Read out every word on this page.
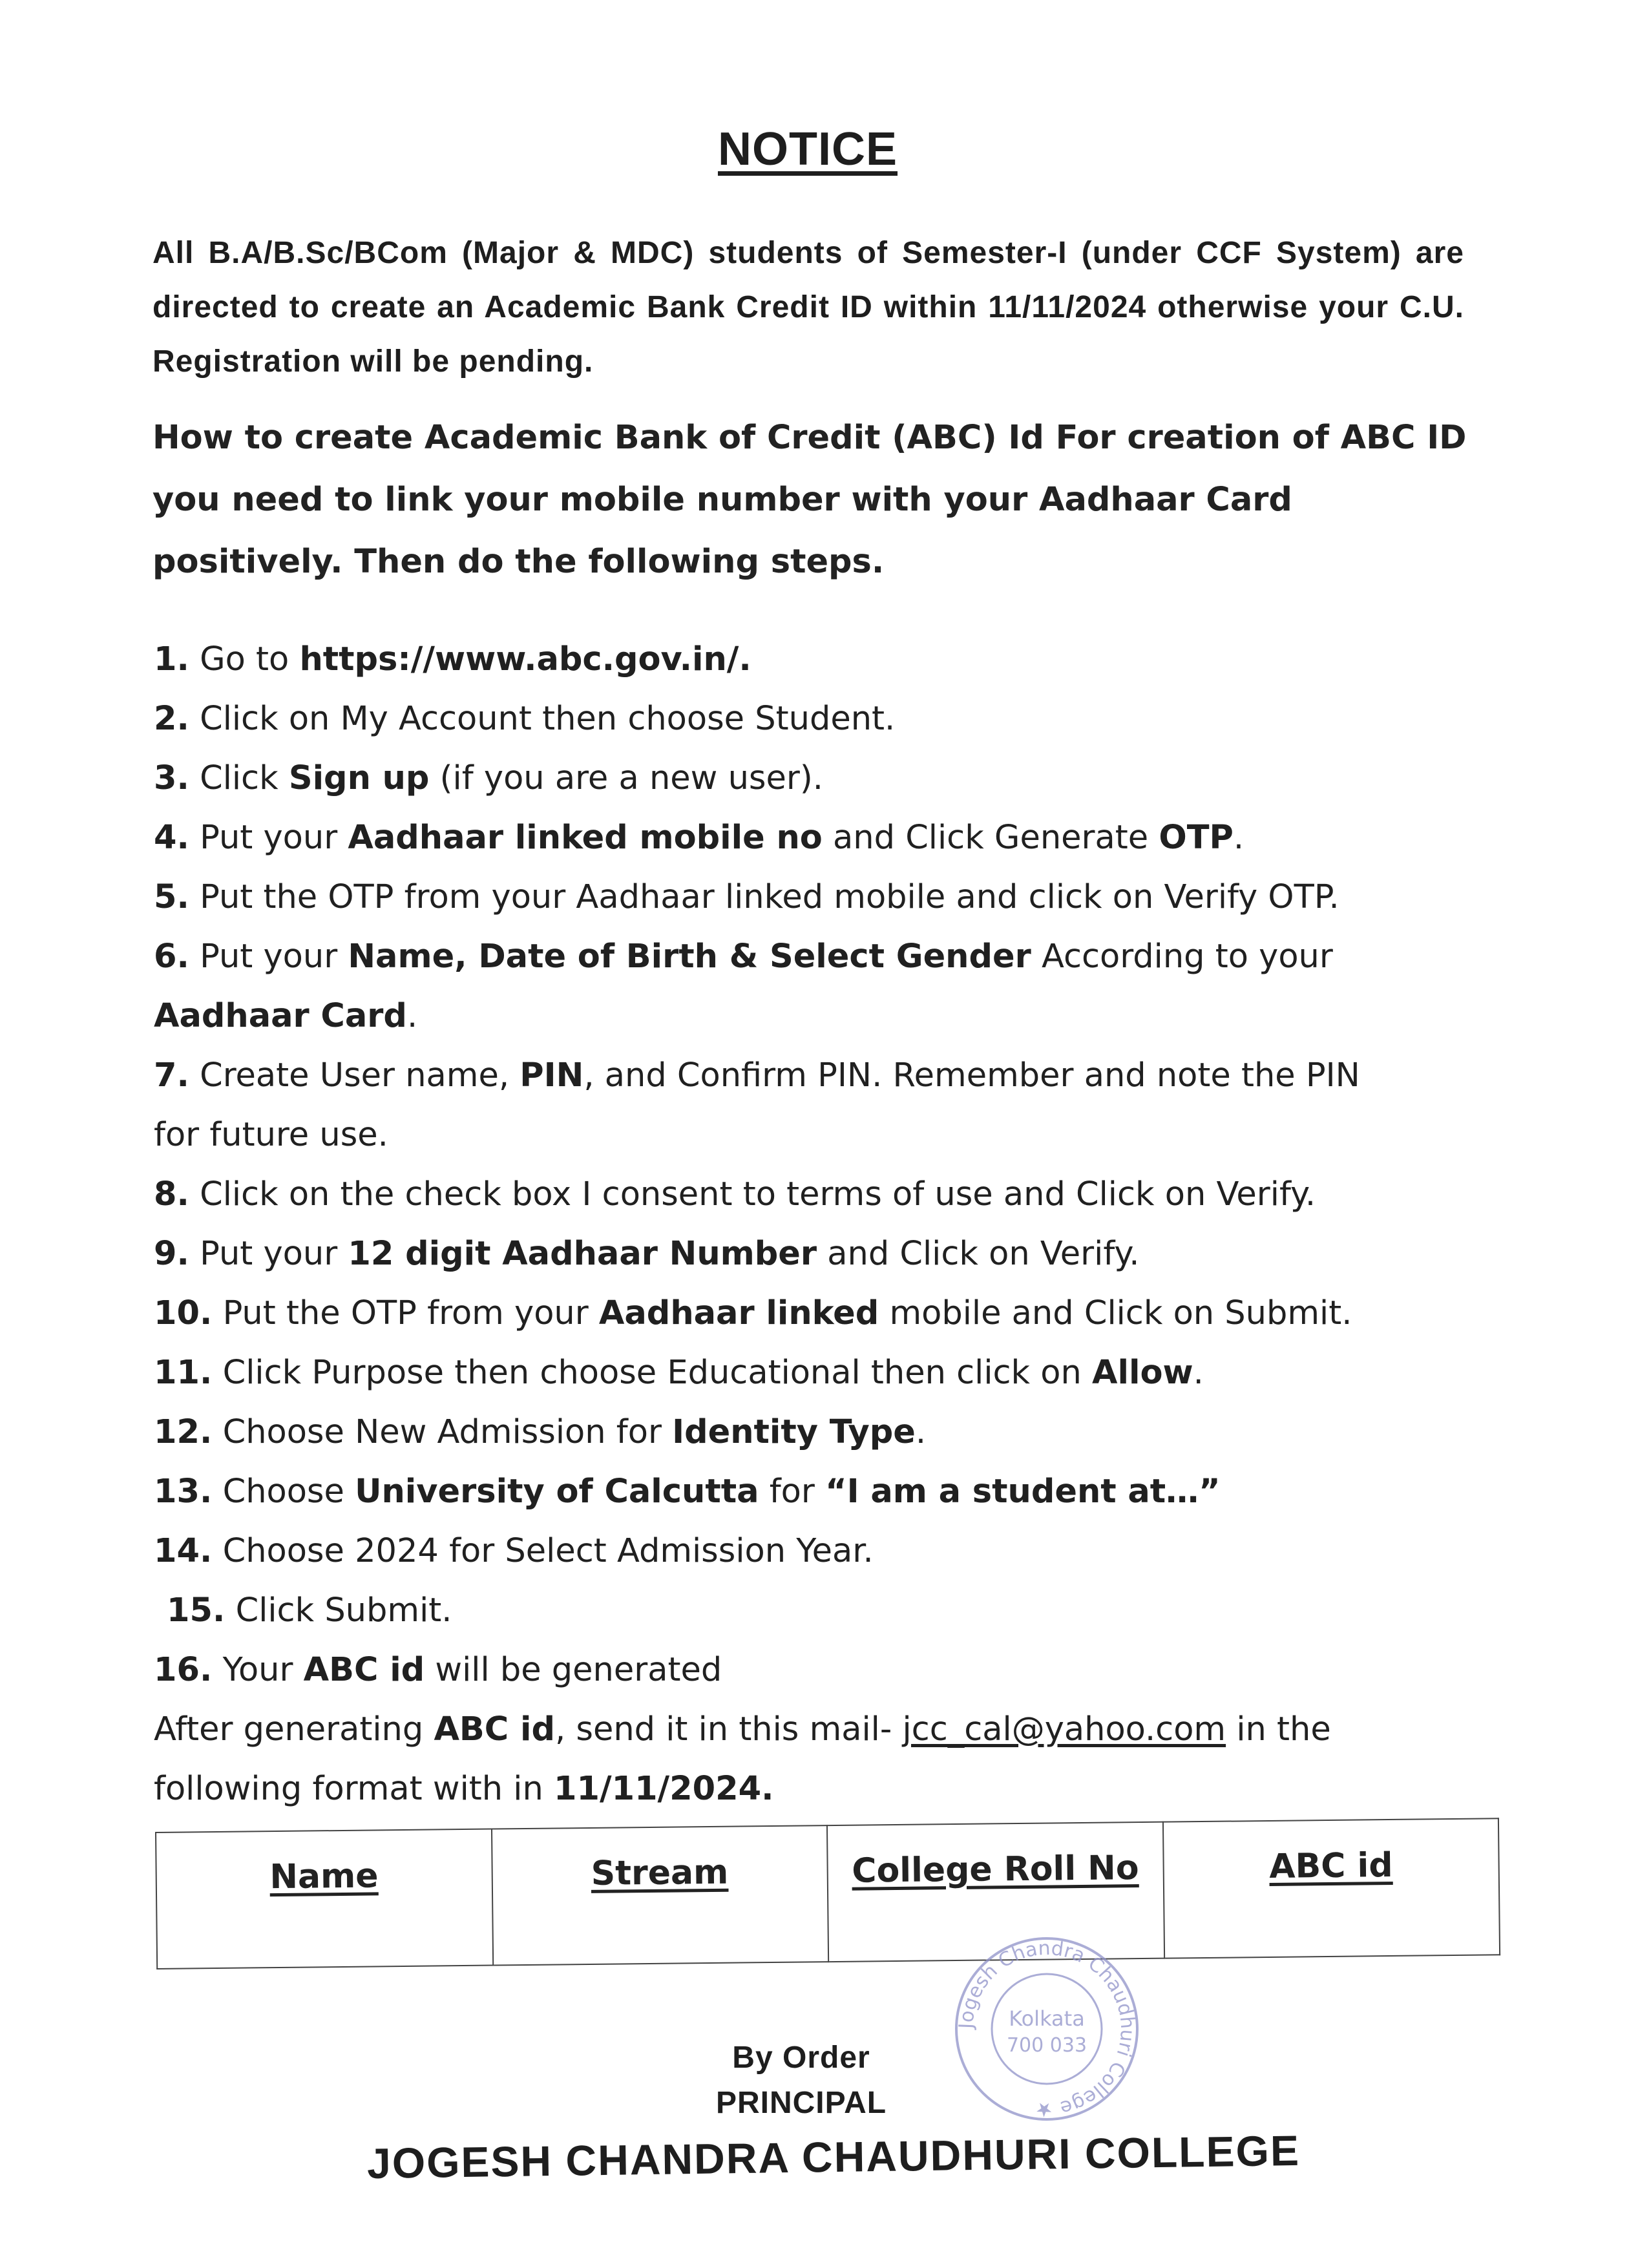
NOTICE
All B.A/B.Sc/BCom (Major & MDC) students of Semester-I (under CCF System) are directed to create an Academic Bank Credit ID within 11/11/2024 otherwise your C.U. Registration will be pending.
How to create Academic Bank of Credit (ABC) Id For creation of ABC ID you need to link your mobile number with your Aadhaar Card positively. Then do the following steps.
1. Go to https://www.abc.gov.in/.
2. Click on My Account then choose Student.
3. Click Sign up (if you are a new user).
4. Put your Aadhaar linked mobile no and Click Generate OTP.
5. Put the OTP from your Aadhaar linked mobile and click on Verify OTP.
6. Put your Name, Date of Birth & Select Gender According to your
Aadhaar Card.
7. Create User name, PIN, and Confirm PIN. Remember and note the PIN
for future use.
8. Click on the check box I consent to terms of use and Click on Verify.
9. Put your 12 digit Aadhaar Number and Click on Verify.
10. Put the OTP from your Aadhaar linked mobile and Click on Submit.
11. Click Purpose then choose Educational then click on Allow.
12. Choose New Admission for Identity Type.
13. Choose University of Calcutta for “I am a student at…”
14. Choose 2024 for Select Admission Year.
15. Click Submit.
16. Your ABC id will be generated
After generating ABC id, send it in this mail- jcc_cal@yahoo.com in the
following format with in 11/11/2024.
Name	Stream	College Roll No	ABC id
Jogesh Chandra Chaudhuri College ★
Kolkata
700 033
By Order
PRINCIPAL
JOGESH CHANDRA CHAUDHURI COLLEGE
